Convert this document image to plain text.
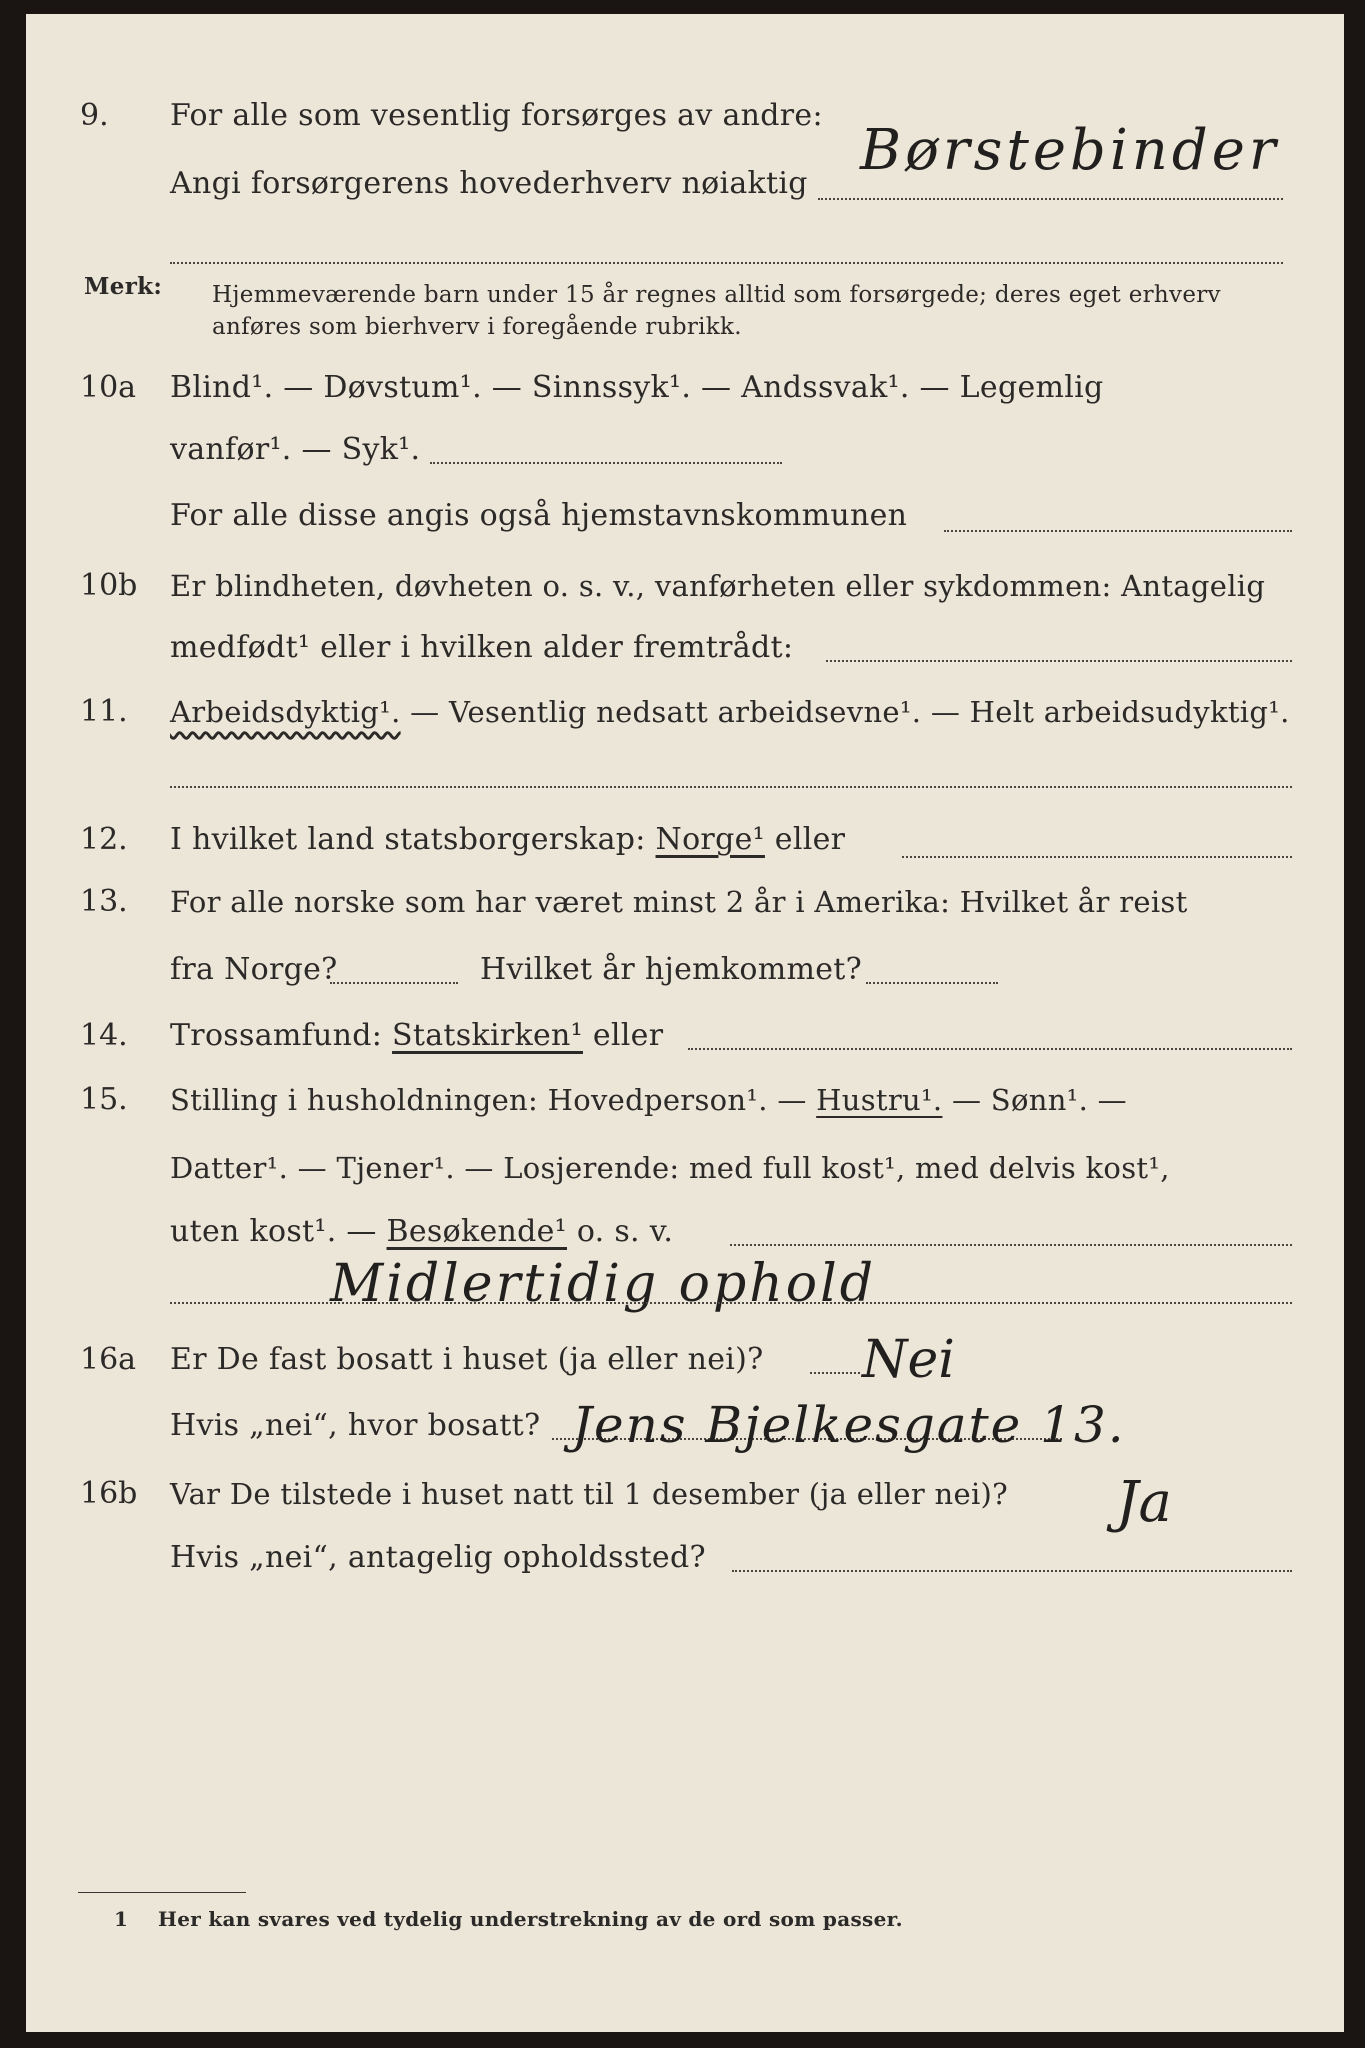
9. For alle som vesentlig forsørges av andre:
Angi forsørgerens hovederhverv nøiaktig
Børstebinder
Merk: Hjemmeværende barn under 15 år regnes alltid som forsørgede; deres eget erhverv
anføres som bierhverv i foregående rubrikk.
10a Blind¹. — Døvstum¹. — Sinnssyk¹. — Andssvak¹. — Legemlig
vanfør¹. — Syk¹.
For alle disse angis også hjemstavnskommunen
10b Er blindheten, døvheten o. s. v., vanførheten eller sykdommen: Antagelig
medfødt¹ eller i hvilken alder fremtrådt:
11. Arbeidsdyktig¹. — Vesentlig nedsatt arbeidsevne¹. — Helt arbeidsudyktig¹.
12. I hvilket land statsborgerskap: Norge¹ eller
13. For alle norske som har været minst 2 år i Amerika: Hvilket år reist
fra Norge?	Hvilket år hjemkommet?
14. Trossamfund: Statskirken¹ eller
15. Stilling i husholdningen: Hovedperson¹. — Hustru¹. — Sønn¹. —
Datter¹. — Tjener¹. — Losjerende: med full kost¹, med delvis kost¹,
uten kost¹. — Besøkende¹ o. s. v.
Midlertidig ophold
16a Er De fast bosatt i huset (ja eller nei)? Nei
Hvis „nei“, hvor bosatt? Jens Bjelkesgate 13.
16b Var De tilstede i huset natt til 1 desember (ja eller nei)? Ja
Hvis „nei“, antagelig opholdssted?
1 Her kan svares ved tydelig understrekning av de ord som passer.
